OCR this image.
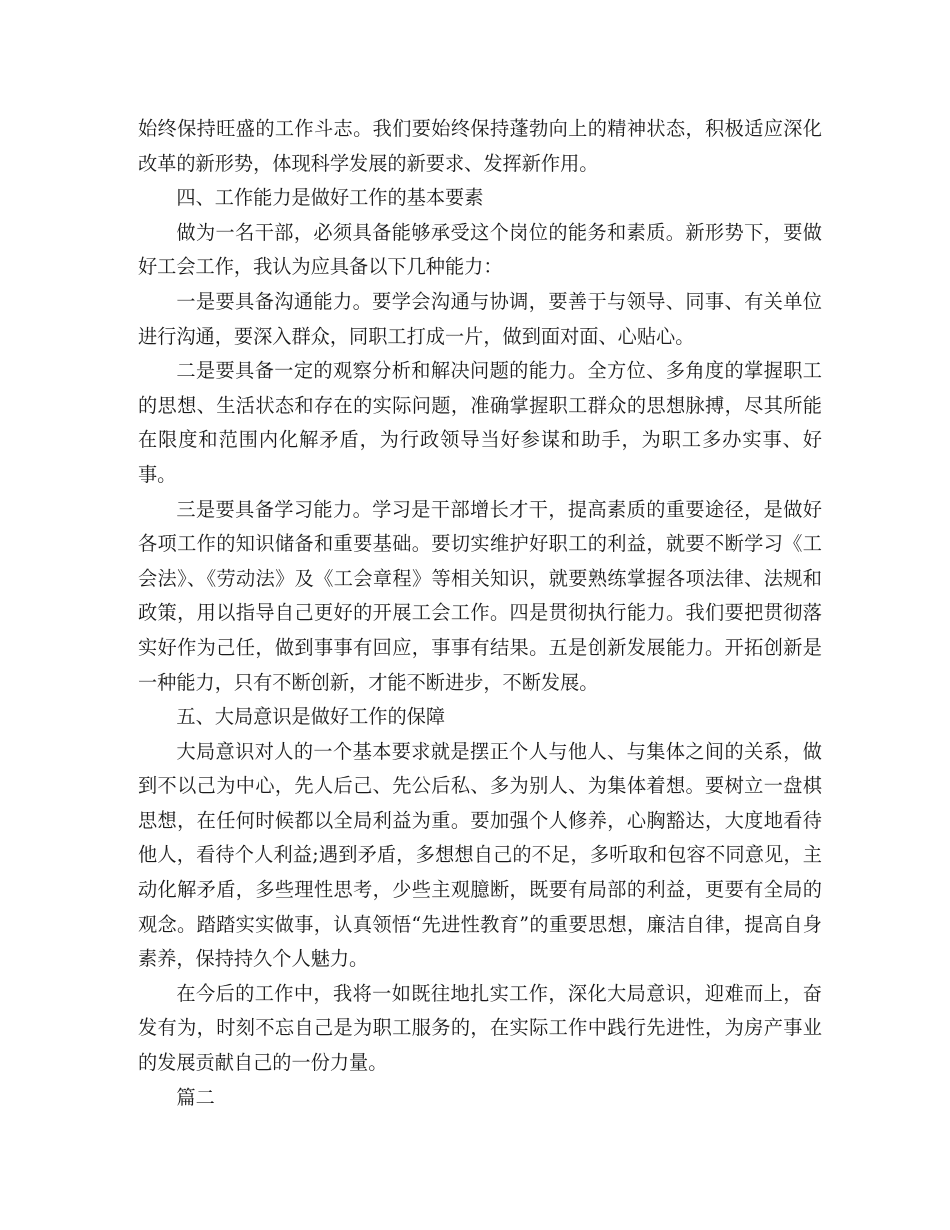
始终保持旺盛的工作斗志。我们要始终保持蓬勃向上的精神状态，积极适应深化改革的新形势，体现科学发展的新要求、发挥新作用。

四、工作能力是做好工作的基本要素

做为一名干部，必须具备能够承受这个岗位的能务和素质。新形势下，要做好工会工作，我认为应具备以下几种能力：

一是要具备沟通能力。要学会沟通与协调，要善于与领导、同事、有关单位进行沟通，要深入群众，同职工打成一片，做到面对面、心贴心。

二是要具备一定的观察分析和解决问题的能力。全方位、多角度的掌握职工的思想、生活状态和存在的实际问题，准确掌握职工群众的思想脉搏，尽其所能在限度和范围内化解矛盾，为行政领导当好参谋和助手，为职工多办实事、好事。

三是要具备学习能力。学习是干部增长才干，提高素质的重要途径，是做好各项工作的知识储备和重要基础。要切实维护好职工的利益，就要不断学习《工会法》、《劳动法》及《工会章程》等相关知识，就要熟练掌握各项法律、法规和政策，用以指导自己更好的开展工会工作。四是贯彻执行能力。我们要把贯彻落实好作为己任，做到事事有回应，事事有结果。五是创新发展能力。开拓创新是一种能力，只有不断创新，才能不断进步，不断发展。

五、大局意识是做好工作的保障

大局意识对人的一个基本要求就是摆正个人与他人、与集体之间的关系，做到不以己为中心，先人后己、先公后私、多为别人、为集体着想。要树立一盘棋思想，在任何时候都以全局利益为重。要加强个人修养，心胸豁达，大度地看待他人，看待个人利益;遇到矛盾，多想想自己的不足，多听取和包容不同意见，主动化解矛盾，多些理性思考，少些主观臆断，既要有局部的利益，更要有全局的观念。踏踏实实做事，认真领悟“先进性教育”的重要思想，廉洁自律，提高自身素养，保持持久个人魅力。

在今后的工作中，我将一如既往地扎实工作，深化大局意识，迎难而上，奋发有为，时刻不忘自己是为职工服务的，在实际工作中践行先进性，为房产事业的发展贡献自己的一份力量。

篇二
